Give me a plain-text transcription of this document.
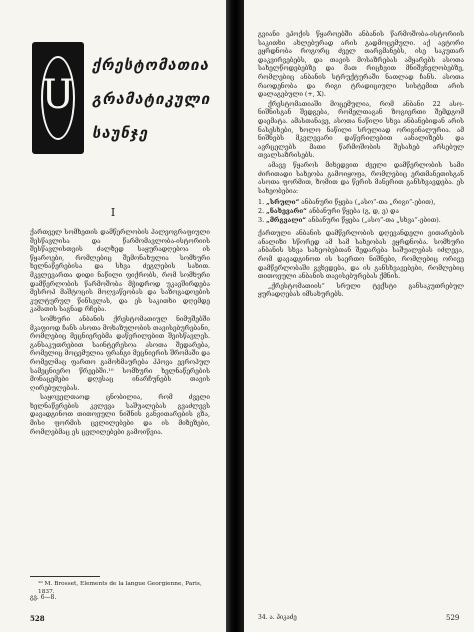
Ս
ქრესტომათია
გრამატიკული
საუნჯე
I

ქართველ სომხეთის დამწერლობის პალეოგრაფიული შესწავლისა და წარმომავლობა-ისტორიის შესწავლისთვის ძალზედ საყურადღებოა ის წყაროები, რომლებიც შემონახულია სომხური ხელნაწერებისა და სხვა ძეგლების სახით. მკვლევართა დიდი ნაწილი ფიქრობს, რომ სომხური დამწერლობის წარმოშობა მჭიდროდ უკავშირდება მესროპ მაშტოცის მოღვაწეობას და საზოგადოების კულტურულ წინსვლას, და ეს საკითხი დღემდე კამათის საგნად რჩება.

სომხური ანბანის ქრესტომათიულ ნიმუშებში მკაფიოდ ჩანს ასოთა მოხაზულობის თავისებურებანი, რომლებიც მეცნიერებმა დაწვრილებით შეისწავლეს. განსაკუთრებით საინტერესოა ასოთა შედარება, რომელიც მოცემულია ფრანგი მეცნიერის შრომაში და რომელმაც ფართო გამოხმაურება ჰპოვა ევროპულ სამეცნიერო წრეებში.¹⁰ სომხური ხელნაწერების მონაცემები დღესაც ინარჩუნებს თავის ღირებულებას.

საყოველთაოდ ცნობილია, რომ ძველი ხელნაწერების კვლევა საშუალებას გვაძლევს დავადგინოთ თითოეული ნიშნის განვითარების გზა, მისი ფორმის ცვლილებები და ის მიზეზები, რომლებმაც ეს ცვლილებები გამოიწვია.

¹⁰ M. Brosset, Elements de la langue Georgienne, Paris, 1837.
გვ. 6—8.
528

გვიანი ეპოქის წყაროებში ანბანის წარმოშობა-ისტორიის საკითხი ახლებურად არის გადმოცემული. აქ ავტორი ეყრდნობა როგორც ძველ თარგმანებს, ისე საკუთარ დაკვირვებებს, და თავის მოსაზრებას ამყარებს ასოთა სახელწოდებებზე და მათ რიცხვით მნიშვნელობებზე, რომლებიც ანბანის სტრუქტურაში ნათლად ჩანს. ასოთა რაოდენობა და რიგი ტრადიციული სისტემით არის დალაგებული (+, X).

ქრესტომათიაში მოცემულია, რომ ანბანი 22 ასო-ნიშნისგან შედგება, რომელთაგან ზოგიერთი შემდგომ დაემატა. ამასთანავე, ასოთა ნაწილი სხვა ანბანებიდან არის ნასესხები, ხოლო ნაწილი სრულიად ორიგინალურია. ამ ნიშნებს მკვლევარი დაწვრილებით აანალიზებს და ავრცელებს მათი წარმოშობის შესახებ არსებულ თვალსაზრისებს.

ამავე წყაროს მიხედვით ძველი დამწერლობის სამი ძირითადი სახეობა გამოიყოფა, რომლებიც ერთმანეთისგან ასოთა ფორმით, ზომით და წერის მანერით განსხვავდება. ეს სახეობებია:

1. „სრული“ ანბანური წყება („ასო“-თა „რიგი“-ებით),
2. „ნახევარი“ ანბანური წყება (გ, დ, ე) და
3. „მრგვალი“ ანბანური წყება („ასო“-თა „სხვა“-ებით).

ქართული ანბანის დამწერლობის დღევანდელი ვითარების ანალიზი სწორედ ამ სამ სახეობას ეყრდნობა. სომხური ანბანის სხვა სახეობებთან შედარება საშუალებას იძლევა, რომ დავადგინოთ ის საერთო ნიშნები, რომლებიც ორივე დამწერლობაში გვხვდება, და ის განსხვავებები, რომლებიც თითოეული ანბანის თავისებურებას ქმნის.

„ქრესტომათიის“ სრული ტექსტი განსაკუთრებულ ყურადღებას იმსახურებს.

34. ა. პიკაძე	529
